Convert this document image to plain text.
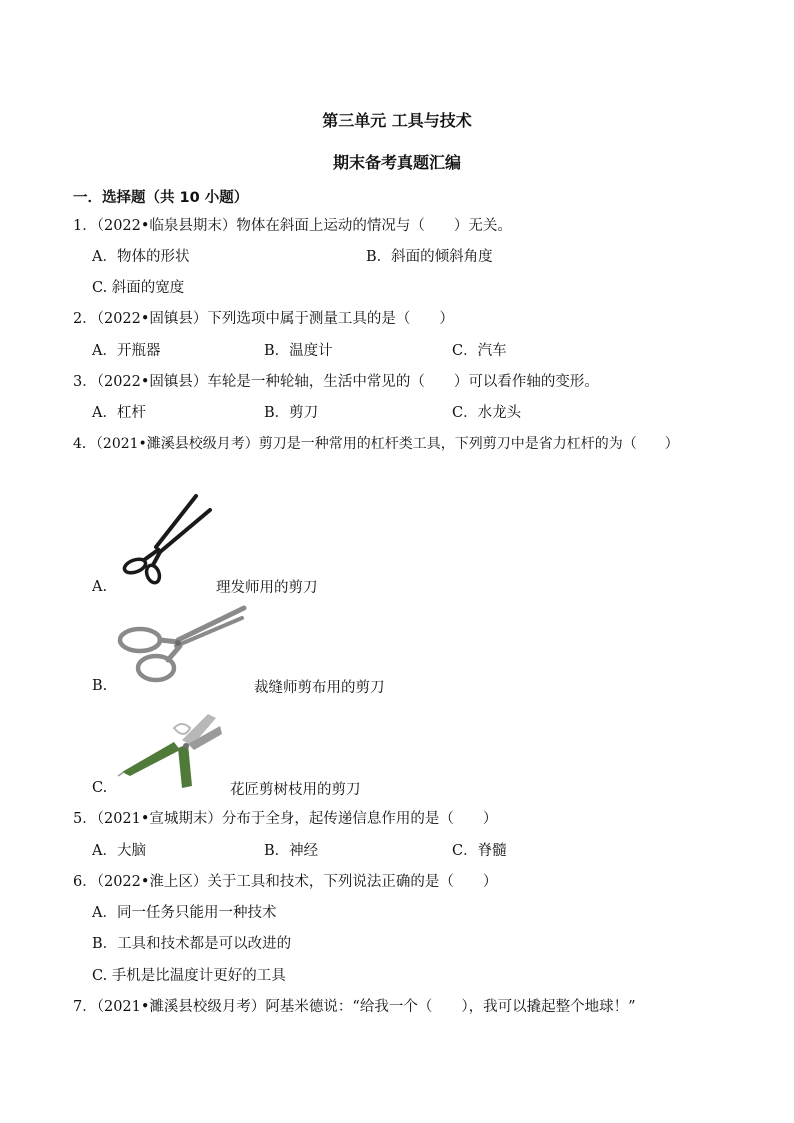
第三单元 工具与技术
期末备考真题汇编
一．选择题（共 10 小题）
1．（2022•临泉县期末）物体在斜面上运动的情况与（　　）无关。
A．物体的形状	B．斜面的倾斜角度
C. 斜面的宽度
2．（2022•固镇县）下列选项中属于测量工具的是（　　）
A．开瓶器	B．温度计	C．汽车
3．（2022•固镇县）车轮是一种轮轴，生活中常见的（　　）可以看作轴的变形。
A．杠杆	B．剪刀	C．水龙头
4．（2021•濉溪县校级月考）剪刀是一种常用的杠杆类工具，下列剪刀中是省力杠杆的为（　　）
A.	理发师用的剪刀
B.	裁缝师剪布用的剪刀
C.	花匠剪树枝用的剪刀
5．（2021•宣城期末）分布于全身，起传递信息作用的是（　　）
A．大脑	B．神经	C．脊髓
6．（2022•淮上区）关于工具和技术，下列说法正确的是（　　）
A．同一任务只能用一种技术
B．工具和技术都是可以改进的
C. 手机是比温度计更好的工具
7．（2021•濉溪县校级月考）阿基米德说：“给我一个（　　），我可以撬起整个地球！”
